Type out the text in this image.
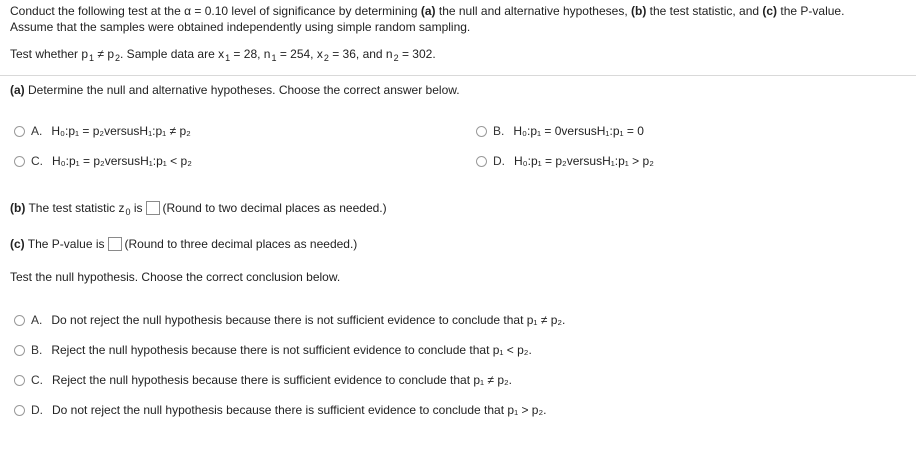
Conduct the following test at the α = 0.10 level of significance by determining (a) the null and alternative hypotheses, (b) the test statistic, and (c) the P-value.
Assume that the samples were obtained independently using simple random sampling.
Test whether $p_1 \ne p_2$. Sample data are $x_1 = 28$, $n_1 = 254$, $x_2 = 36$, and $n_2 = 302$.
(a) Determine the null and alternative hypotheses. Choose the correct answer below.
A. H₀: p₁ = p₂ versus H₁: p₁ ≠ p₂	B. H₀: p₁ = 0 versus H₁: p₁ = 0
C. H₀: p₁ = p₂ versus H₁: p₁ < p₂	D. H₀: p₁ = p₂ versus H₁: p₁ > p₂
(b) The test statistic $z_0$ is (Round to two decimal places as needed.)
(c) The P-value is (Round to three decimal places as needed.)
Test the null hypothesis. Choose the correct conclusion below.
A. Do not reject the null hypothesis because there is not sufficient evidence to conclude that p₁ ≠ p₂.
B. Reject the null hypothesis because there is not sufficient evidence to conclude that p₁ < p₂.
C. Reject the null hypothesis because there is sufficient evidence to conclude that p₁ ≠ p₂.
D. Do not reject the null hypothesis because there is sufficient evidence to conclude that p₁ > p₂.
